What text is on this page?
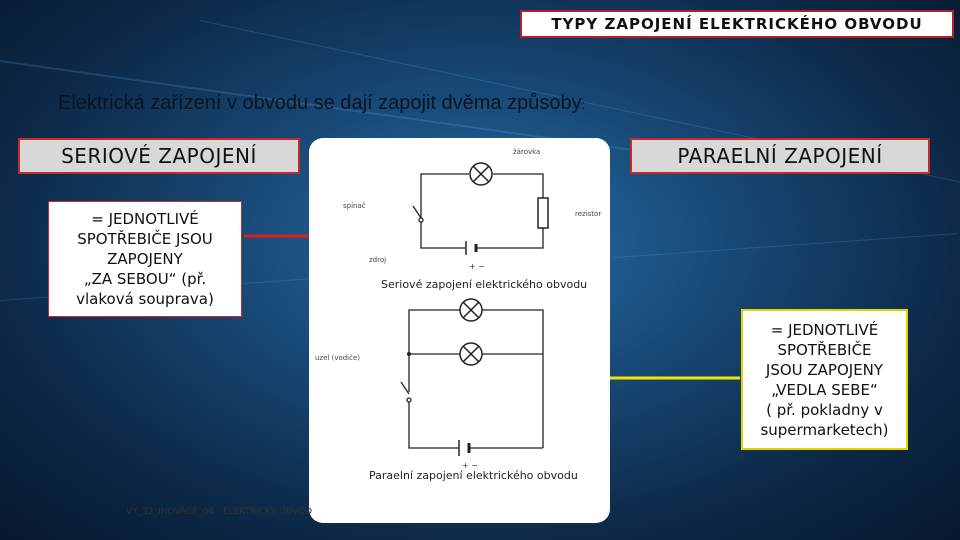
TYPY ZAPOJENÍ ELEKTRICKÉHO OBVODU
Elektrická zařízení v obvodu se dají zapojit dvěma způsoby:
SERIOVÉ ZAPOJENÍ	PARAELNÍ ZAPOJENÍ
= JEDNOTLIVÉ
SPOTŘEBIČE JSOU
ZAPOJENY
„ZA SEBOU“ (př.
vlaková souprava)
= JEDNOTLIVÉ
SPOTŘEBIČE
JSOU ZAPOJENY
„VEDLA SEBE“
( př. pokladny v
supermarketech)
žárovka
spínač
rezistor
zdroj
+ −
Seriové zapojení elektrického obvodu
uzel (vodiče)
+ −
Paraelní zapojení elektrického obvodu
VY_32_INOVACE_04 - ELEKTRICKÝ OBVOD
